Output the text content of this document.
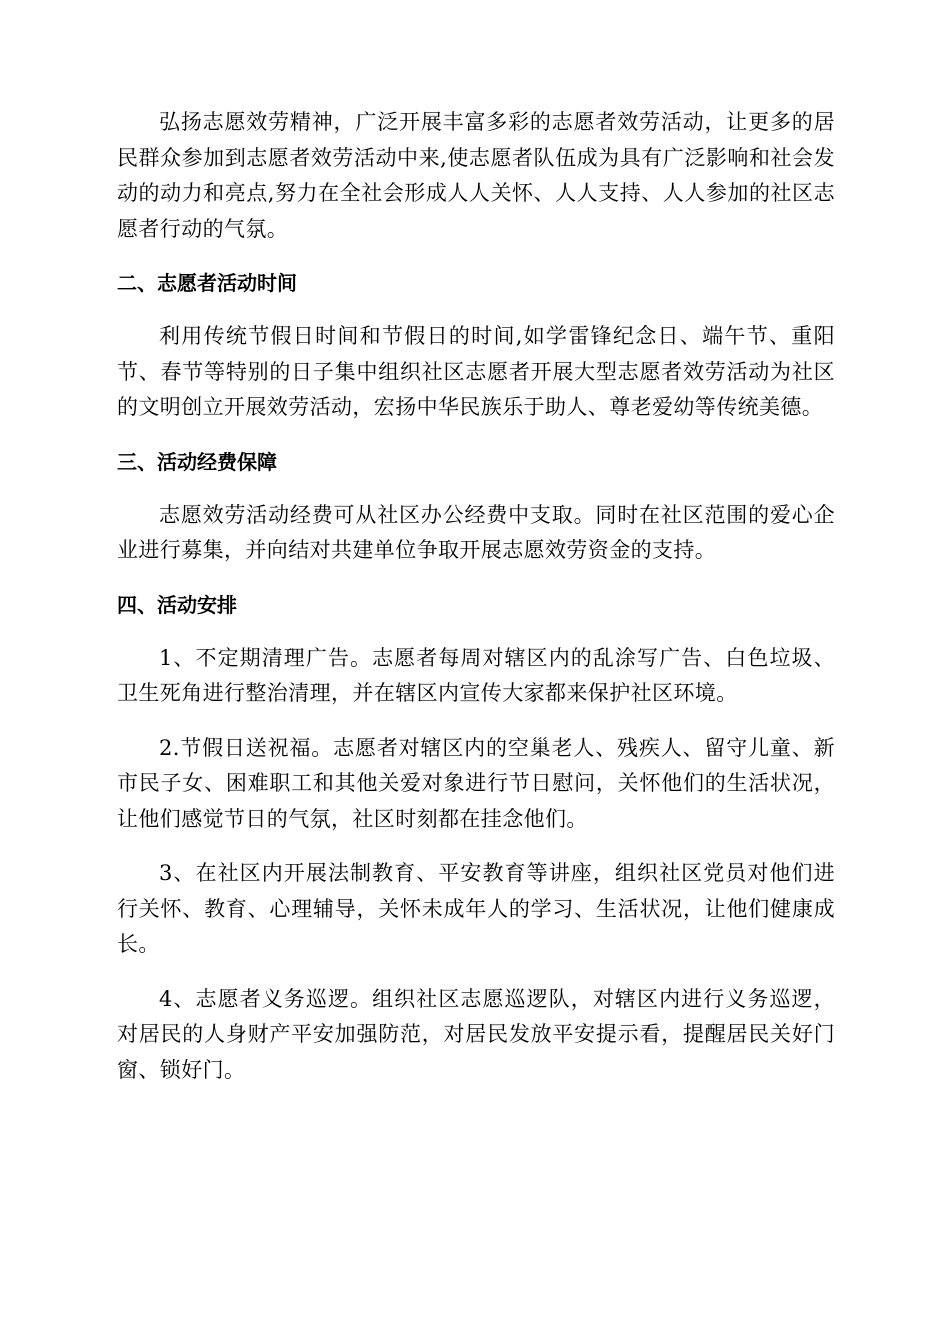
弘扬志愿效劳精神，广泛开展丰富多彩的志愿者效劳活动，让更多的居民群众参加到志愿者效劳活动中来,使志愿者队伍成为具有广泛影响和社会发动的动力和亮点,努力在全社会形成人人关怀、人人支持、人人参加的社区志愿者行动的气氛。

二、志愿者活动时间

利用传统节假日时间和节假日的时间,如学雷锋纪念日、端午节、重阳节、春节等特别的日子集中组织社区志愿者开展大型志愿者效劳活动为社区的文明创立开展效劳活动，宏扬中华民族乐于助人、尊老爱幼等传统美德。

三、活动经费保障

志愿效劳活动经费可从社区办公经费中支取。同时在社区范围的爱心企业进行募集，并向结对共建单位争取开展志愿效劳资金的支持。

四、活动安排

1、不定期清理广告。志愿者每周对辖区内的乱涂写广告、白色垃圾、卫生死角进行整治清理，并在辖区内宣传大家都来保护社区环境。

2.节假日送祝福。志愿者对辖区内的空巢老人、残疾人、留守儿童、新市民子女、困难职工和其他关爱对象进行节日慰问，关怀他们的生活状况，让他们感觉节日的气氛，社区时刻都在挂念他们。

3、在社区内开展法制教育、平安教育等讲座，组织社区党员对他们进行关怀、教育、心理辅导，关怀未成年人的学习、生活状况，让他们健康成长。

4、志愿者义务巡逻。组织社区志愿巡逻队，对辖区内进行义务巡逻，对居民的人身财产平安加强防范，对居民发放平安提示看，提醒居民关好门窗、锁好门。
